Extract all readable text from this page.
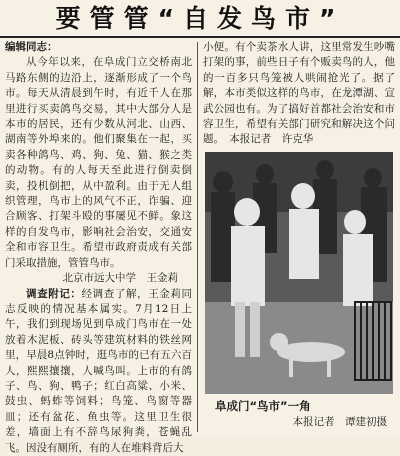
要管管“自发鸟市”

编辑同志：

从今年以来，在阜成门立交桥南北马路东侧的边沿上，逐渐形成了一个鸟市。每天从清晨到午时，有近千人在那里进行买卖鸽鸟交易，其中大部分人是本市的居民，还有少数从河北、山西、湖南等外埠来的。他们聚集在一起，买卖各种鸽鸟、鸡、狗、兔、猫、猴之类的动物。有的人每天至此进行倒卖倒卖，投机倒把，从中盈利。由于无人组织管理，鸟市上的风气不正，诈骗、迎合顾客、打架斗殴的事屡见不鲜。象这样的自发鸟市，影响社会治安，交通安全和市容卫生。希望市政府责成有关部门采取措施，管管鸟市。

北京市远大中学　王金莉

调查附记：经调查了解，王金莉同志反映的情况基本属实。7月12日上午，我们到现场见到阜成门鸟市在一处放着木泥板、砖头等建筑材料的铁丝网里，早晨8点钟时，逛鸟市的已有五六百人，熙熙攘攘，人喊鸟叫。上市的有鸽子、鸟、狗、鸭子；红白高粱、小米、鼓虫、蚂蚱等饲料；鸟笼、鸟窗等器皿；还有盆花、鱼虫等。这里卫生很差，墙面上有不辞鸟尿狗粪，苍蝇乱飞。因没有厕所，有的人在堆料背后大

小便。有个卖茶水人讲，这里常发生吵嘴打架的事，前些日子有个贩卖鸟的人，他的一百多只鸟笼被人哄闹抢光了。据了解，本市类似这样的鸟市，在龙潭湖、宣武公园也有。为了搞好首都社会治安和市容卫生，希望有关部门研究和解决这个问题。　 本报记者　许克华

阜成门“鸟市”一角
本报记者　谭建初摄
